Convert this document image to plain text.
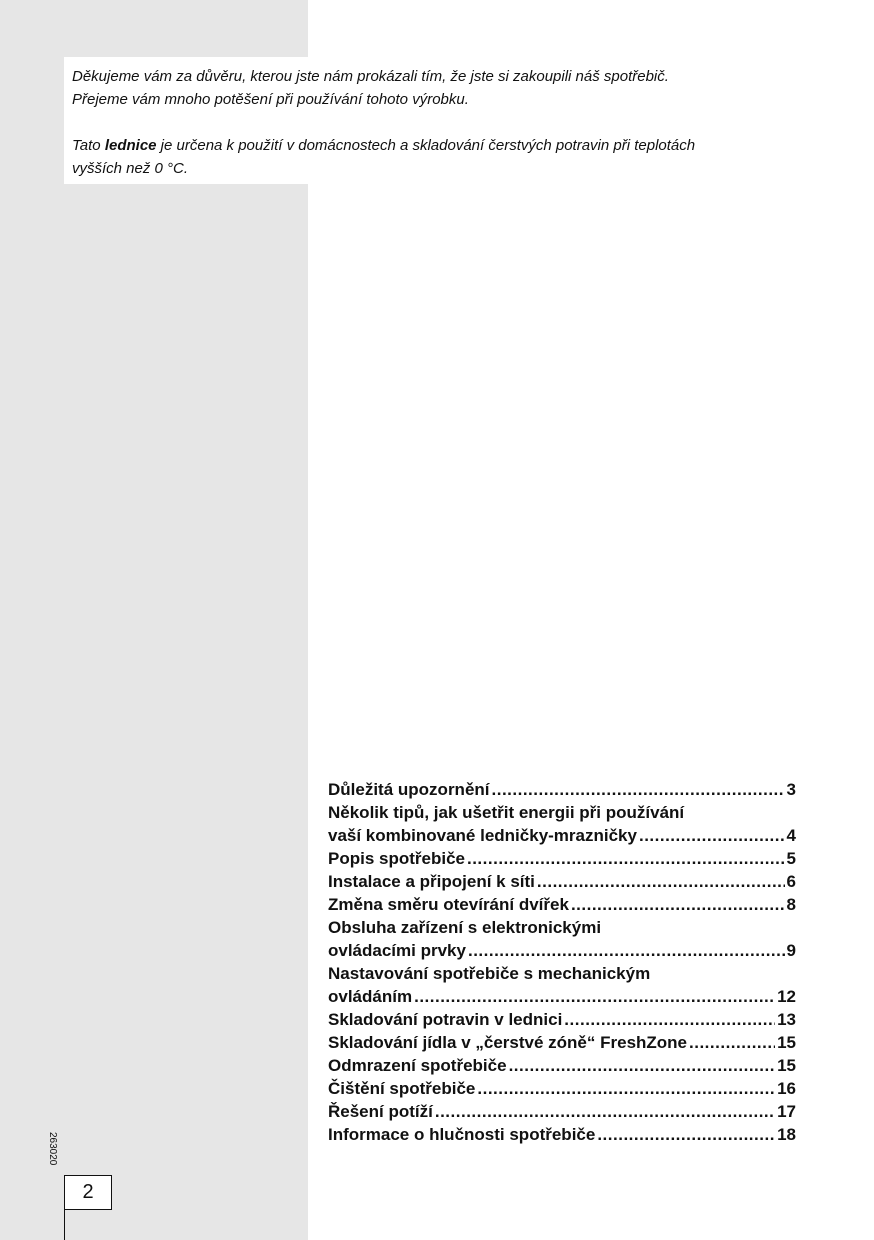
Děkujeme vám za důvěru, kterou jste nám prokázali tím, že jste si zakoupili náš spotřebič.
Přejeme vám mnoho potěšení při používání tohoto výrobku.

Tato lednice je určena k použití v domácnostech a skladování čerstvých potravin při teplotách
vyšších než 0 °C.

Důležitá upozornění .....	3
Několik tipů, jak ušetřit energii při používání
vaší kombinované ledničky-mrazničky .....	4
Popis spotřebiče .....	5
Instalace a připojení k síti .....	6
Změna směru otevírání dvířek .....	8
Obsluha zařízení s elektronickými
ovládacími prvky .....	9
Nastavování spotřebiče s mechanickým
ovládáním .....	12
Skladování potravin v lednici .....	13
Skladování jídla v „čerstvé zóně“ FreshZone .....	15
Odmrazení spotřebiče .....	15
Čištění spotřebiče .....	16
Řešení potíží .....	17
Informace o hlučnosti spotřebiče .....	18
263020
2
